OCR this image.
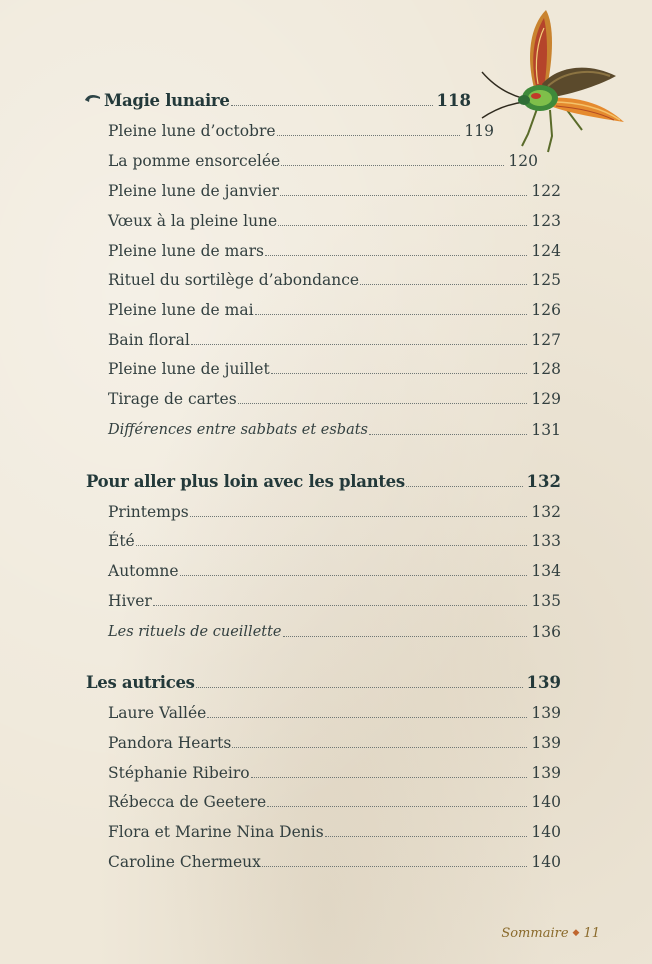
Magie lunaire	118
Pleine lune d’octobre	119
La pomme ensorcelée	120
Pleine lune de janvier	122
Vœux à la pleine lune	123
Pleine lune de mars	124
Rituel du sortilège d’abondance	125
Pleine lune de mai	126
Bain floral	127
Pleine lune de juillet	128
Tirage de cartes	129
Différences entre sabbats et esbats	131
Pour aller plus loin avec les plantes	132
Printemps	132
Été	133
Automne	134
Hiver	135
Les rituels de cueillette	136
Les autrices	139
Laure Vallée	139
Pandora Hearts	139
Stéphanie Ribeiro	139
Rébecca de Geetere	140
Flora et Marine Nina Denis	140
Caroline Chermeux	140
Sommaire ◆ 11
